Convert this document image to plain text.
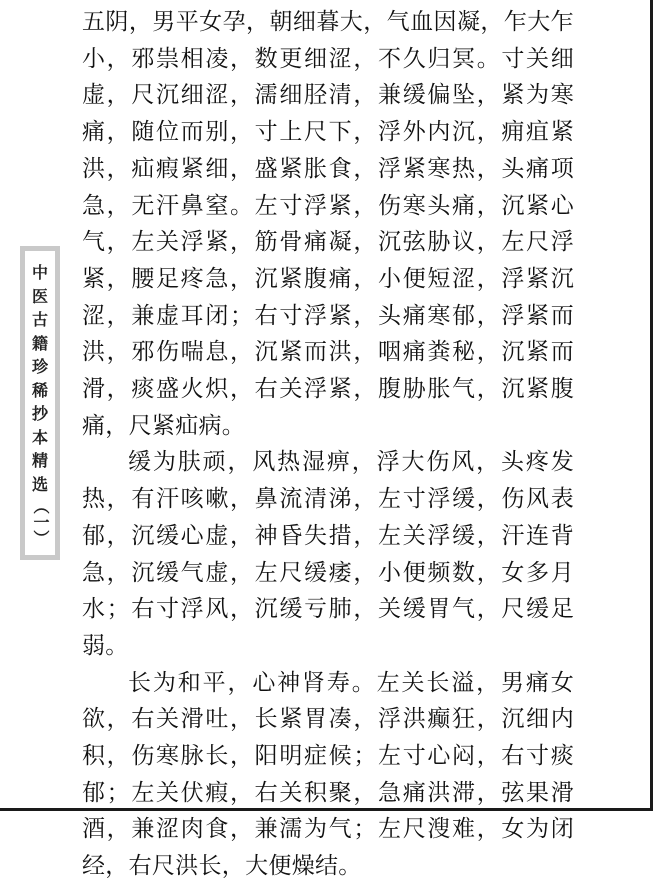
中
医
古
籍
珍
稀
抄
本
精
选
（一）

五阴，男平女孕，朝细暮大，气血因凝，乍大乍小，邪祟相凌，数更细涩，不久归冥。寸关细虚，尺沉细涩，濡细胫清，兼缓偏坠，紧为寒痛，随位而别，寸上尺下，浮外内沉，痈疽紧洪，疝瘕紧细，盛紧胀食，浮紧寒热，头痛项急，无汗鼻窒。左寸浮紧，伤寒头痛，沉紧心气，左关浮紧，筋骨痛凝，沉弦胁议，左尺浮紧，腰足疼急，沉紧腹痛，小便短涩，浮紧沉涩，兼虚耳闭；右寸浮紧，头痛寒郁，浮紧而洪，邪伤喘息，沉紧而洪，咽痛粪秘，沉紧而滑，痰盛火炽，右关浮紧，腹胁胀气，沉紧腹痛，尺紧疝病。

缓为肤顽，风热湿痹，浮大伤风，头疼发热，有汗咳嗽，鼻流清涕，左寸浮缓，伤风表郁，沉缓心虚，神昏失措，左关浮缓，汗连背急，沉缓气虚，左尺缓痿，小便频数，女多月水；右寸浮风，沉缓亏肺，关缓胃气，尺缓足弱。

长为和平，心神肾寿。左关长溢，男痛女欲，右关滑吐，长紧胃凑，浮洪癫狂，沉细内积，伤寒脉长，阳明症候；左寸心闷，右寸痰郁；左关伏瘕，右关积聚，急痛洪滞，弦果滑酒，兼涩肉食，兼濡为气；左尺溲难，女为闭经，右尺洪长，大便燥结。
